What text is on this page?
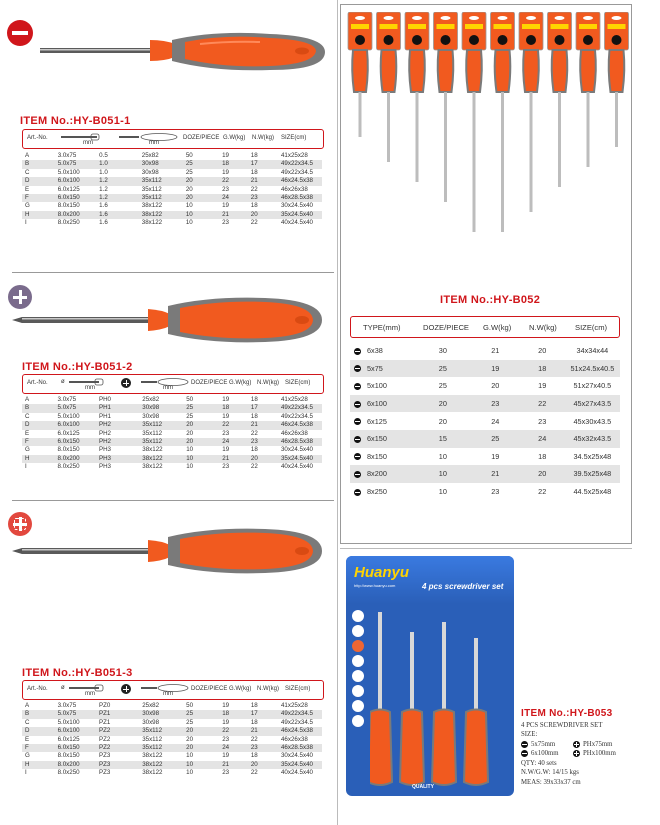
ITEM No.:HY-B051-1
Art.-No.
mm	mm
DOZE/PIECE G.W(kg) N.W(kg) SIZE(cm)
A	3.0x75	0.5	25x82	50	19	18	41x25x28
B	5.0x75	1.0	30x98	25	18	17	49x22x34.5
C	5.0x100	1.0	30x98	25	19	18	49x22x34.5
D	6.0x100	1.2	35x112	20	22	21	46x24.5x38
E	6.0x125	1.2	35x112	20	23	22	46x26x38
F	6.0x150	1.2	35x112	20	24	23	46x28.5x38
G	8.0x150	1.6	38x122	10	19	18	30x24.5x40
H	8.0x200	1.6	38x122	10	21	20	35x24.5x40
I	8.0x250	1.6	38x122	10	23	22	40x24.5x40
ITEM No.:HY-B051-2
Art.-No. ø
mm	mm
DOZE/PIECE G.W(kg) N.W(kg) SIZE(cm)
A	3.0x75	PH0	25x82	50	19	18	41x25x28
B	5.0x75	PH1	30x98	25	18	17	49x22x34.5
C	5.0x100	PH1	30x98	25	19	18	49x22x34.5
D	6.0x100	PH2	35x112	20	22	21	46x24.5x38
E	6.0x125	PH2	35x112	20	23	22	46x26x38
F	6.0x150	PH2	35x112	20	24	23	46x28.5x38
G	8.0x150	PH3	38x122	10	19	18	30x24.5x40
H	8.0x200	PH3	38x122	10	21	20	35x24.5x40
I	8.0x250	PH3	38x122	10	23	22	40x24.5x40
ITEM No.:HY-B051-3
Art.-No. ø
mm	mm
DOZE/PIECE G.W(kg) N.W(kg) SIZE(cm)
A	3.0x75	PZ0	25x82	50	19	18	41x25x28
B	5.0x75	PZ1	30x98	25	18	17	49x22x34.5
C	5.0x100	PZ1	30x98	25	19	18	49x22x34.5
D	6.0x100	PZ2	35x112	20	22	21	46x24.5x38
E	6.0x125	PZ2	35x112	20	23	22	46x26x38
F	6.0x150	PZ2	35x112	20	24	23	46x28.5x38
G	8.0x150	PZ3	38x122	10	19	18	30x24.5x40
H	8.0x200	PZ3	38x122	10	21	20	35x24.5x40
I	8.0x250	PZ3	38x122	10	23	22	40x24.5x40
ITEM No.:HY-B052
TYPE(mm)	DOZE/PIECE G.W(kg) N.W(kg) SIZE(cm)
6x38	30	21	20	34x34x44
5x75	25	19	18	51x24.5x40.5
5x100	25	20	19	51x27x40.5
6x100	20	23	22	45x27x43.5
6x125	20	24	23	45x30x43.5
6x150	15	25	24	45x32x43.5
8x150	10	19	18	34.5x25x48
8x200	10	21	20	39.5x25x48
8x250	10	23	22	44.5x25x48
Huanyu
http://www.huanyu.com	4 pcs screwdriver set
QUALITY
ITEM No.:HY-B053
4 PCS SCREWDRIVER SET
SIZE:
5x75mm	PHx75mm
6x100mm	PHx100mm
QTY: 40 sets
N.W/G.W: 14/15 kgs
MEAS: 39x33x37 cm
